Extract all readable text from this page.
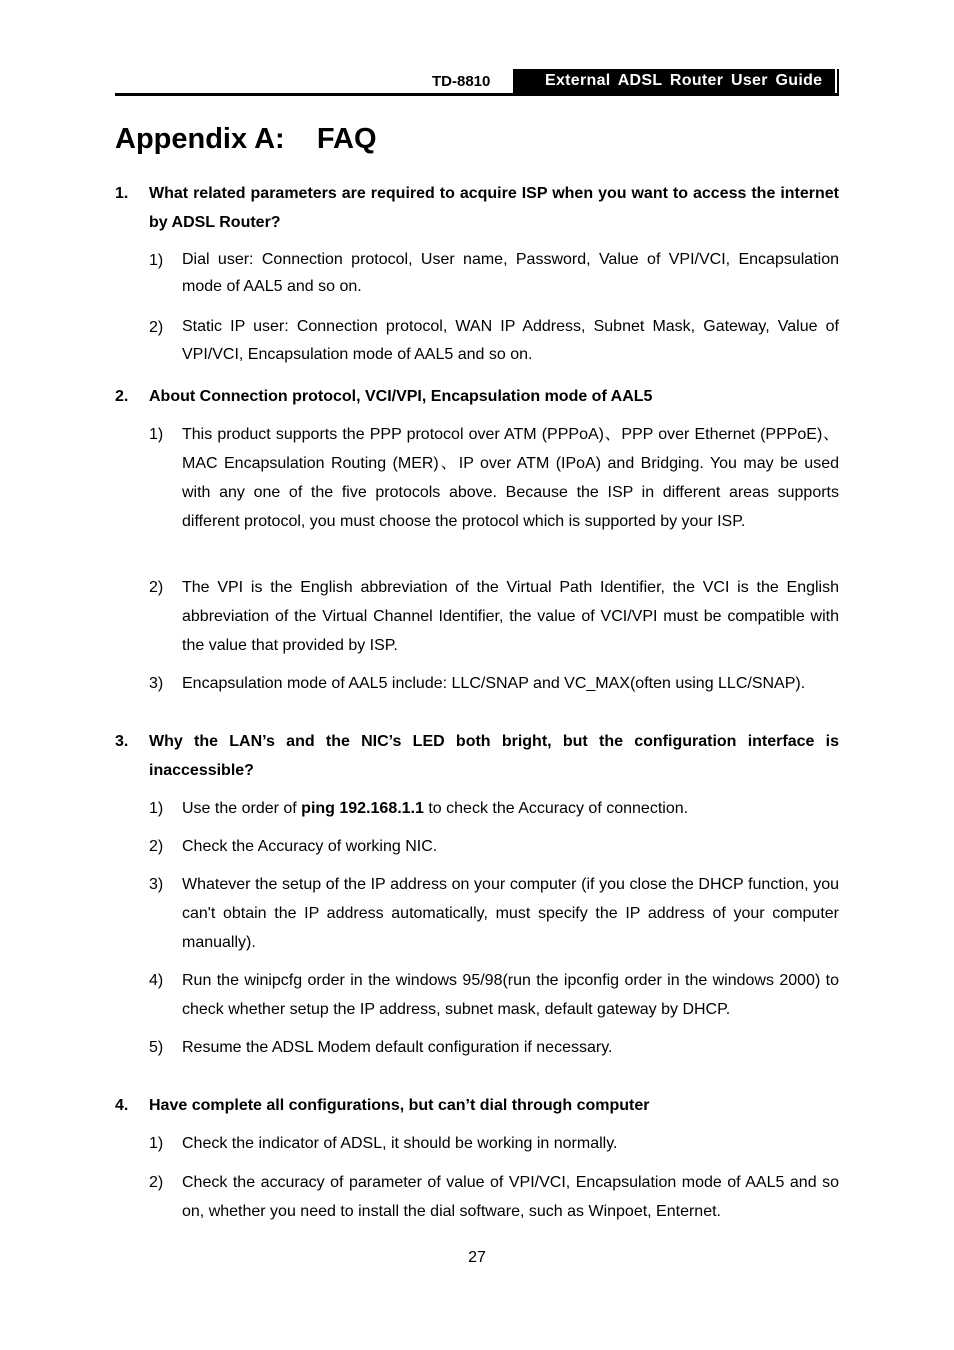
TD-8810	External ADSL Router User Guide
Appendix A:    FAQ
1. What related parameters are required to acquire ISP when you want to access the internet by ADSL Router?
1) Dial user: Connection protocol, User name, Password, Value of VPI/VCI, Encapsulation mode of AAL5 and so on.
2) Static IP user: Connection protocol, WAN IP Address, Subnet Mask, Gateway, Value of VPI/VCI, Encapsulation mode of AAL5 and so on.
2. About Connection protocol, VCI/VPI, Encapsulation mode of AAL5
1) This product supports the PPP protocol over ATM (PPPoA)、PPP over Ethernet (PPPoE)、MAC Encapsulation Routing (MER)、IP over ATM (IPoA) and Bridging. You may be used with any one of the five protocols above. Because the ISP in different areas supports different protocol, you must choose the protocol which is supported by your ISP.
2) The VPI is the English abbreviation of the Virtual Path Identifier, the VCI is the English abbreviation of the Virtual Channel Identifier, the value of VCI/VPI must be compatible with the value that provided by ISP.
3) Encapsulation mode of AAL5 include: LLC/SNAP and VC_MAX(often using LLC/SNAP).
3. Why the LAN’s and the NIC’s LED both bright, but the configuration interface is inaccessible?
1) Use the order of ping 192.168.1.1 to check the Accuracy of connection.
2) Check the Accuracy of working NIC.
3) Whatever the setup of the IP address on your computer (if you close the DHCP function, you can't obtain the IP address automatically, must specify the IP address of your computer manually).
4) Run the winipcfg order in the windows 95/98(run the ipconfig order in the windows 2000) to check whether setup the IP address, subnet mask, default gateway by DHCP.
5) Resume the ADSL Modem default configuration if necessary.
4. Have complete all configurations, but can’t dial through computer
1) Check the indicator of ADSL, it should be working in normally.
2) Check the accuracy of parameter of value of VPI/VCI, Encapsulation mode of AAL5 and so on, whether you need to install the dial software, such as Winpoet, Enternet.
27
